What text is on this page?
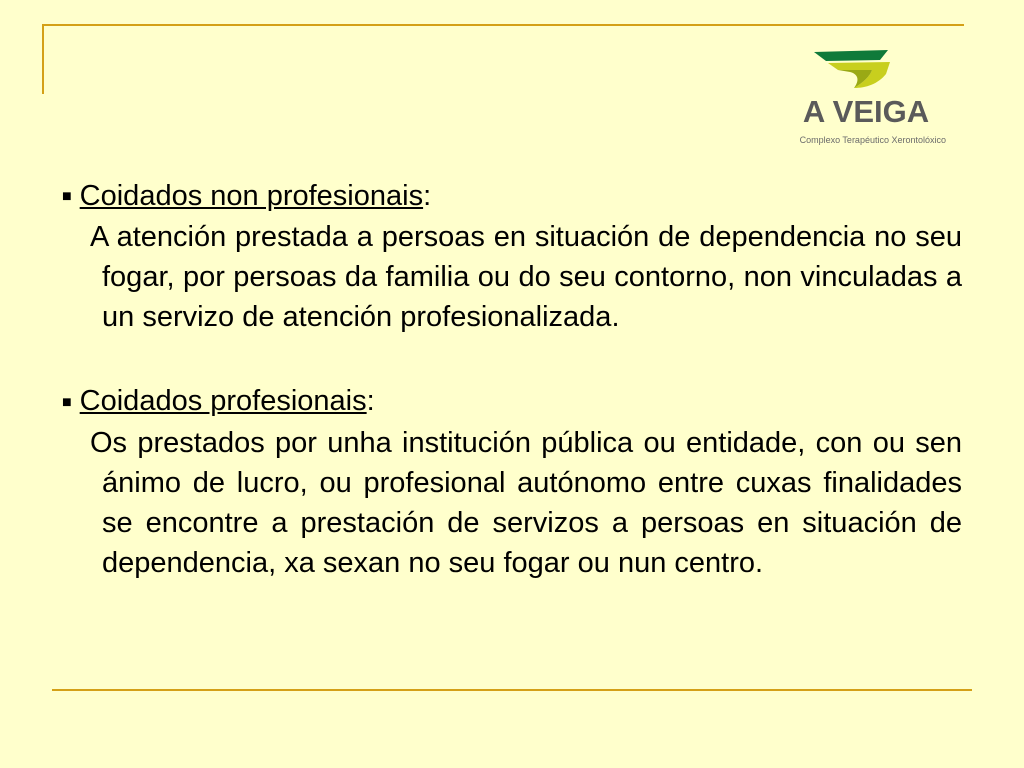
A VEIGA
Complexo Terapéutico Xerontolóxico

■ Coidados non profesionais:

A atención prestada a persoas en situación de dependencia no seu fogar, por persoas da familia ou do seu contorno, non vinculadas a un servizo de atención profesionalizada.

■ Coidados profesionais:

Os prestados por unha institución pública ou entidade, con ou sen ánimo de lucro, ou profesional autónomo entre cuxas finalidades se encontre a prestación de servizos a persoas en situación de dependencia, xa sexan no seu fogar ou nun centro.
